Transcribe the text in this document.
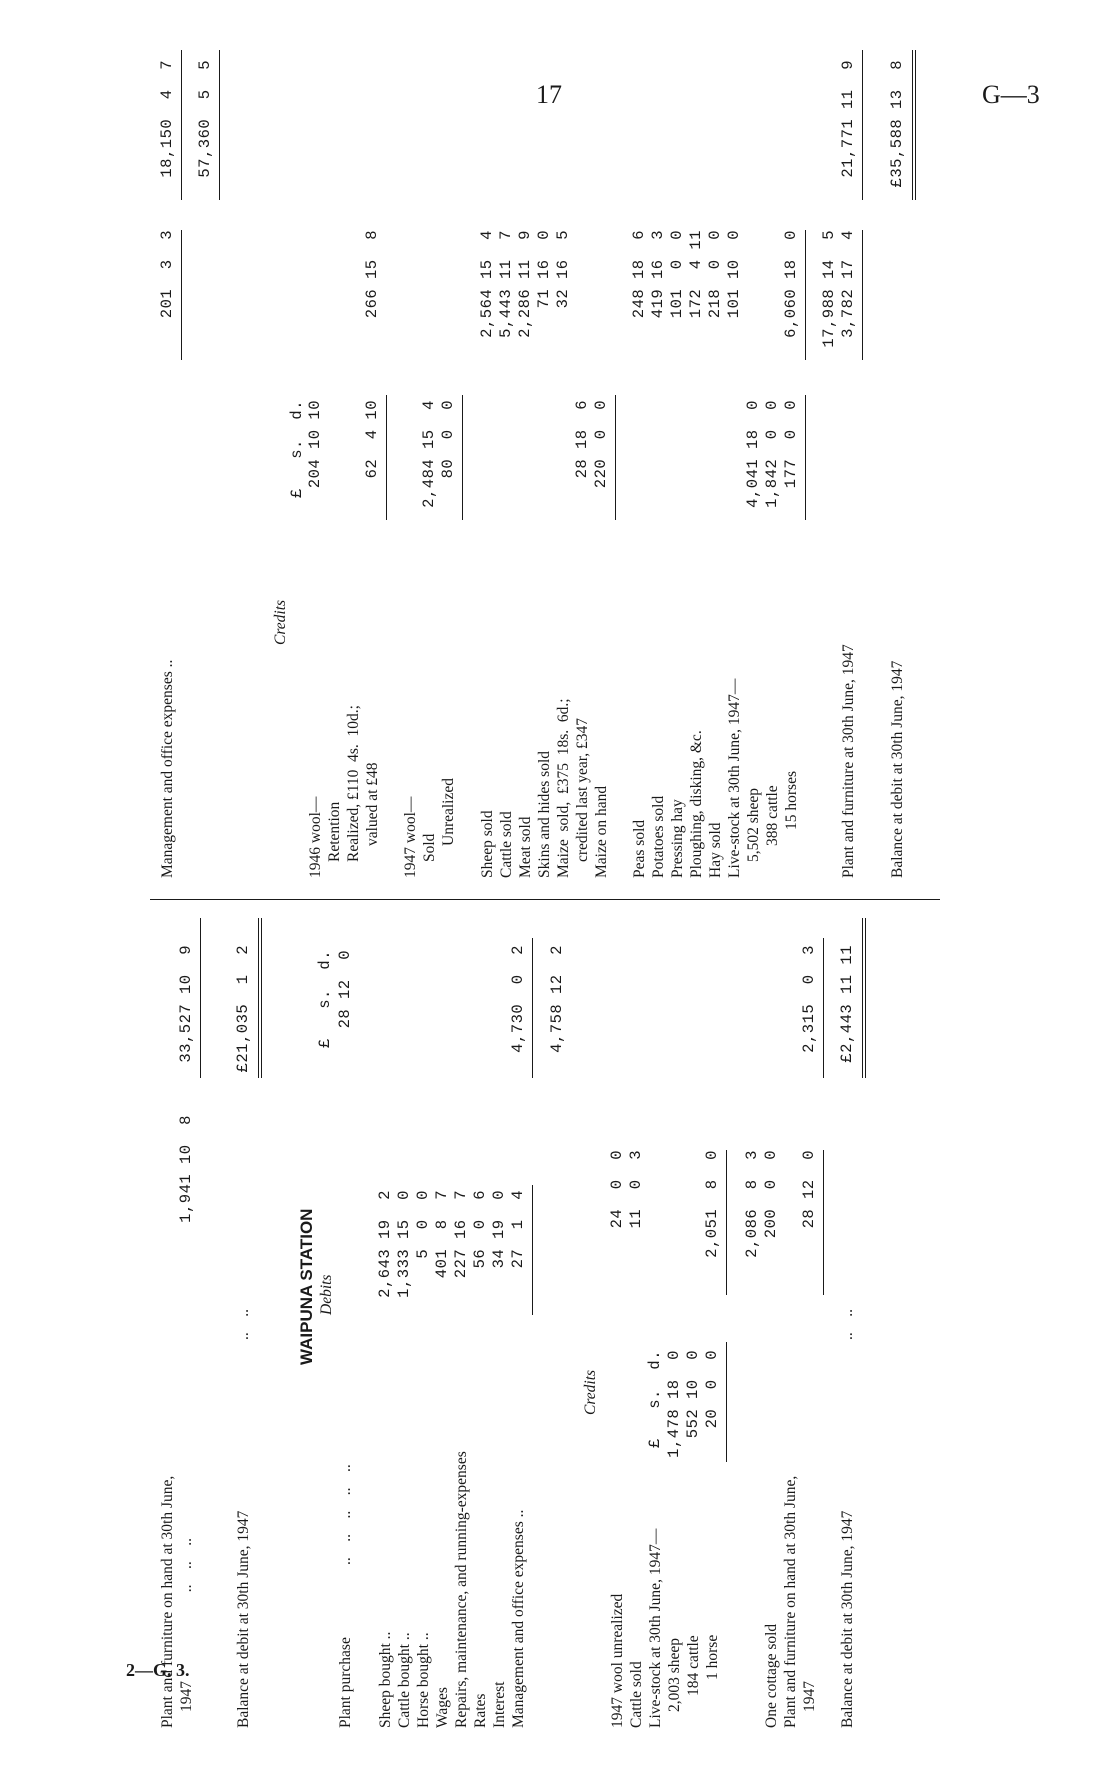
17	G—3
2—G. 3.
Plant and furniture on hand at 30th June, 1947
..    ..    ..
1,941 10  8
33,527 10  9
Balance at debit at 30th June, 1947
..    ..
£21,035  1  2
WAIPUNA STATION Debits
£   s.  d.
Plant purchase
..    ..    ..    ..    ..
28 12  0
Sheep bought ..
2,643 19  2
Cattle bought ..
1,333 15  0
Horse bought ..
5  0  0
Wages
401  8  7
Repairs, maintenance, and running-expenses
227 16  7
Rates
56  0  6
Interest
34 19  0
Management and office expenses ..
27  1  4
4,730  0  2 4,758 12  2
Credits
1947 wool unrealized
24  0  0
Cattle sold
11  0  3
Live-stock at 30th June, 1947—
£   s.  d.
2,003 sheep
1,478 18  0
184 cattle
552 10  0
1 horse
20  0  0
2,051  8  0 2,086  8  3
One cottage sold
200  0  0
Plant and furniture on hand at 30th June, 1947
28 12  0
2,315  0  3
Balance at debit at 30th June, 1947
..    ..
£2,443 11 11
Management and office expenses ..
201  3  3
18,150  4  7 57,360  5  5
Credits
£   s.  d.
1946 wool— Retention
204 10 10
Realized, £110  4s.  10d.; valued at £48
62  4 10
266 15  8
1947 wool— Sold
2,484 15  4
Unrealized
80  0  0
Sheep sold
2,564 15  4
Cattle sold
5,443 11  7
Meat sold
2,286 11  9
Skins and hides sold
71 16  0
Maize  sold,  £375  18s.  6d.;
32 16  5
credited last year, £347
28 18  6
Maize on hand
220  0  0
248 18  6
Peas sold
419 16  3
Potatoes sold
101  0  0
Pressing hay
172  4 11
Ploughing, disking, &c.
218  0  0
Hay sold
101 10  0
Live-stock at 30th June, 1947— 5,502 sheep
4,041 18  0
388 cattle
1,842  0  0
15 horses
177  0  0
6,060 18  0 17,988 14  5
Plant and furniture at 30th June, 1947
3,782 17  4
21,771 11  9
Balance at debit at 30th June, 1947
£35,588 13  8
